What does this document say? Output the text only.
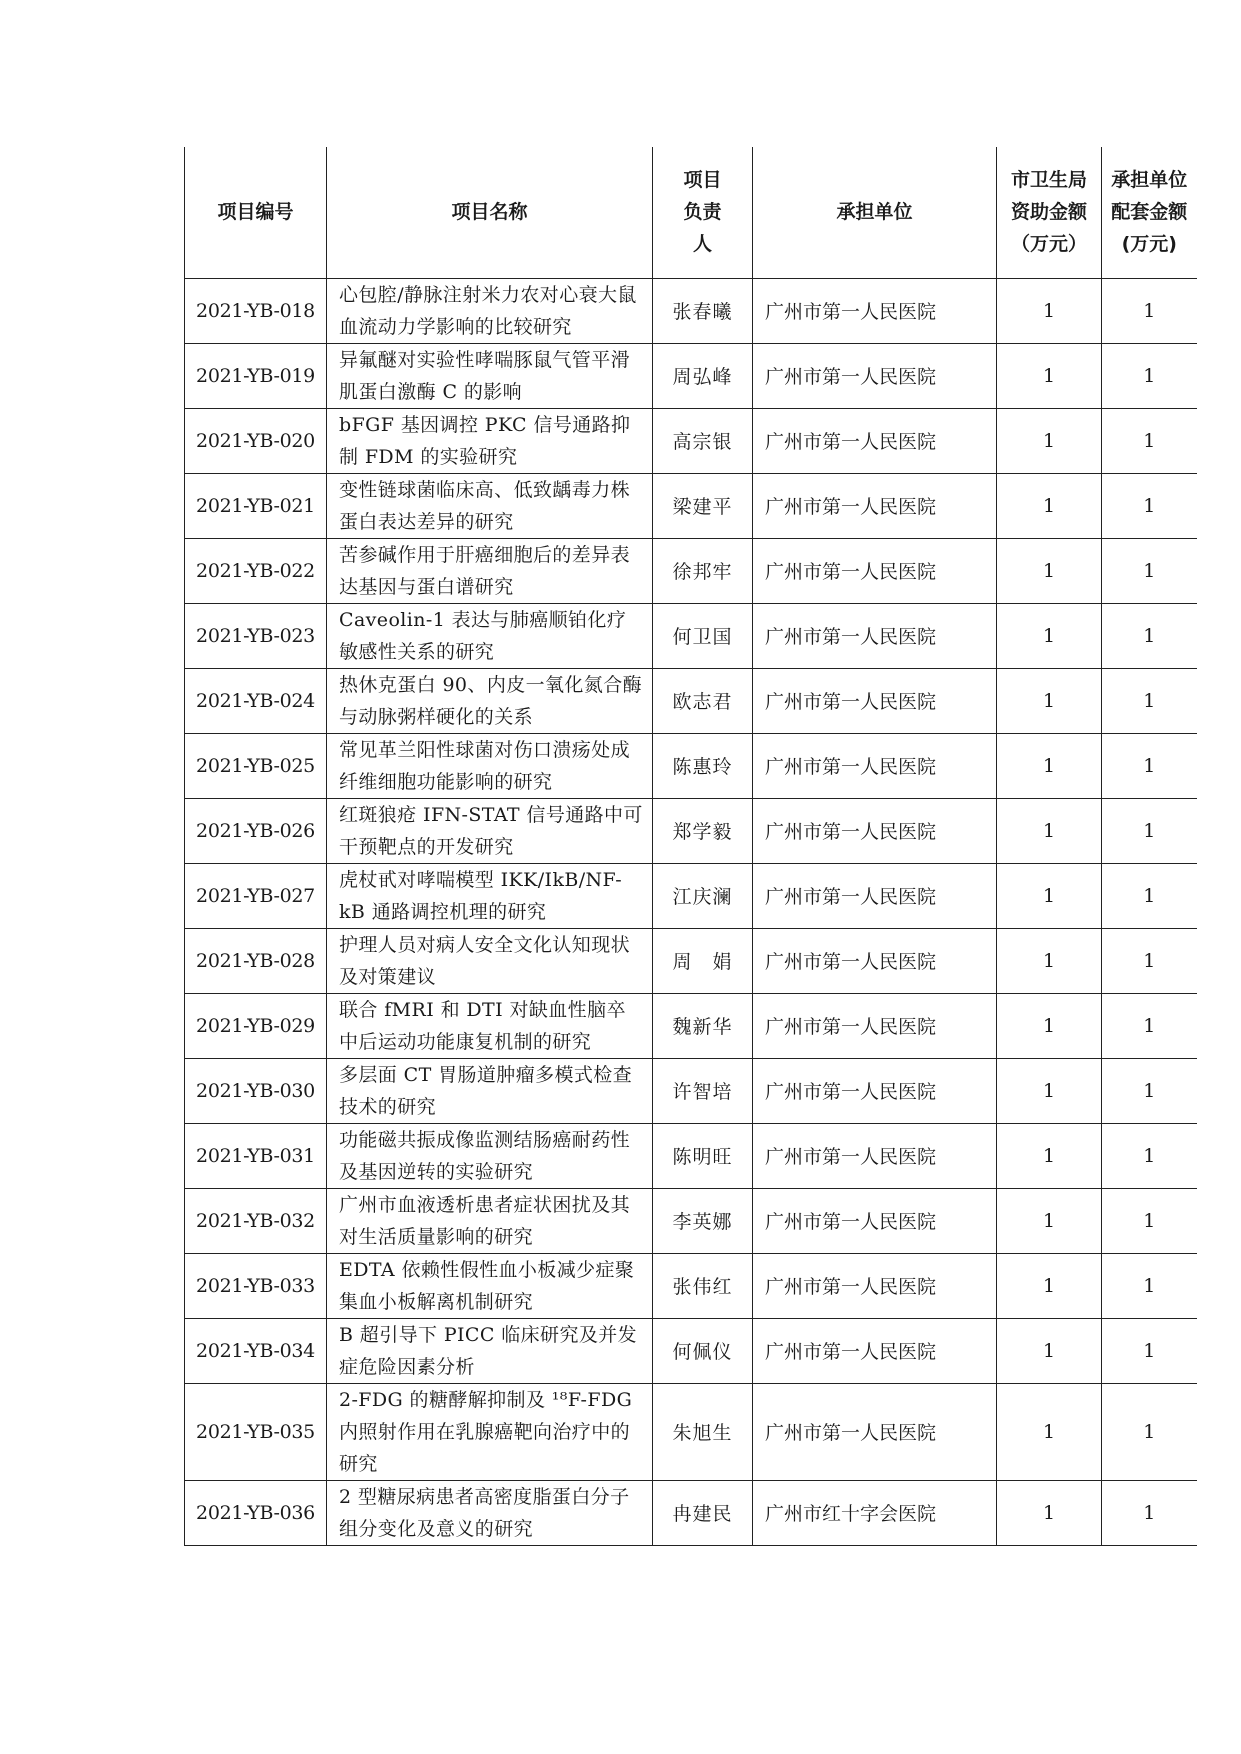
项目编号	项目名称	项目负责人	承担单位	市卫生局资助金额（万元）	承担单位配套金额(万元)

2021-YB-018	心包腔/静脉注射米力农对心衰大鼠血流动力学影响的比较研究	张春曦	广州市第一人民医院	1	1
2021-YB-019	异氟醚对实验性哮喘豚鼠气管平滑肌蛋白激酶 C 的影响	周弘峰	广州市第一人民医院	1	1
2021-YB-020	bFGF 基因调控 PKC 信号通路抑制 FDM 的实验研究	高宗银	广州市第一人民医院	1	1
2021-YB-021	变性链球菌临床高、低致龋毒力株蛋白表达差异的研究	梁建平	广州市第一人民医院	1	1
2021-YB-022	苦参碱作用于肝癌细胞后的差异表达基因与蛋白谱研究	徐邦牢	广州市第一人民医院	1	1
2021-YB-023	Caveolin-1 表达与肺癌顺铂化疗敏感性关系的研究	何卫国	广州市第一人民医院	1	1
2021-YB-024	热休克蛋白 90、内皮一氧化氮合酶与动脉粥样硬化的关系	欧志君	广州市第一人民医院	1	1
2021-YB-025	常见革兰阳性球菌对伤口溃疡处成纤维细胞功能影响的研究	陈惠玲	广州市第一人民医院	1	1
2021-YB-026	红斑狼疮 IFN-STAT 信号通路中可干预靶点的开发研究	郑学毅	广州市第一人民医院	1	1
2021-YB-027	虎杖甙对哮喘模型 IKK/IkB/NF-kB 通路调控机理的研究	江庆澜	广州市第一人民医院	1	1
2021-YB-028	护理人员对病人安全文化认知现状及对策建议	周　娟	广州市第一人民医院	1	1
2021-YB-029	联合 fMRI 和 DTI 对缺血性脑卒中后运动功能康复机制的研究	魏新华	广州市第一人民医院	1	1
2021-YB-030	多层面 CT 胃肠道肿瘤多模式检查技术的研究	许智培	广州市第一人民医院	1	1
2021-YB-031	功能磁共振成像监测结肠癌耐药性及基因逆转的实验研究	陈明旺	广州市第一人民医院	1	1
2021-YB-032	广州市血液透析患者症状困扰及其对生活质量影响的研究	李英娜	广州市第一人民医院	1	1
2021-YB-033	EDTA 依赖性假性血小板减少症聚集血小板解离机制研究	张伟红	广州市第一人民医院	1	1
2021-YB-034	B 超引导下 PICC 临床研究及并发症危险因素分析	何佩仪	广州市第一人民医院	1	1
2021-YB-035	2-FDG 的糖酵解抑制及 ¹⁸F-FDG 内照射作用在乳腺癌靶向治疗中的研究	朱旭生	广州市第一人民医院	1	1
2021-YB-036	2 型糖尿病患者高密度脂蛋白分子组分变化及意义的研究	冉建民	广州市红十字会医院	1	1
